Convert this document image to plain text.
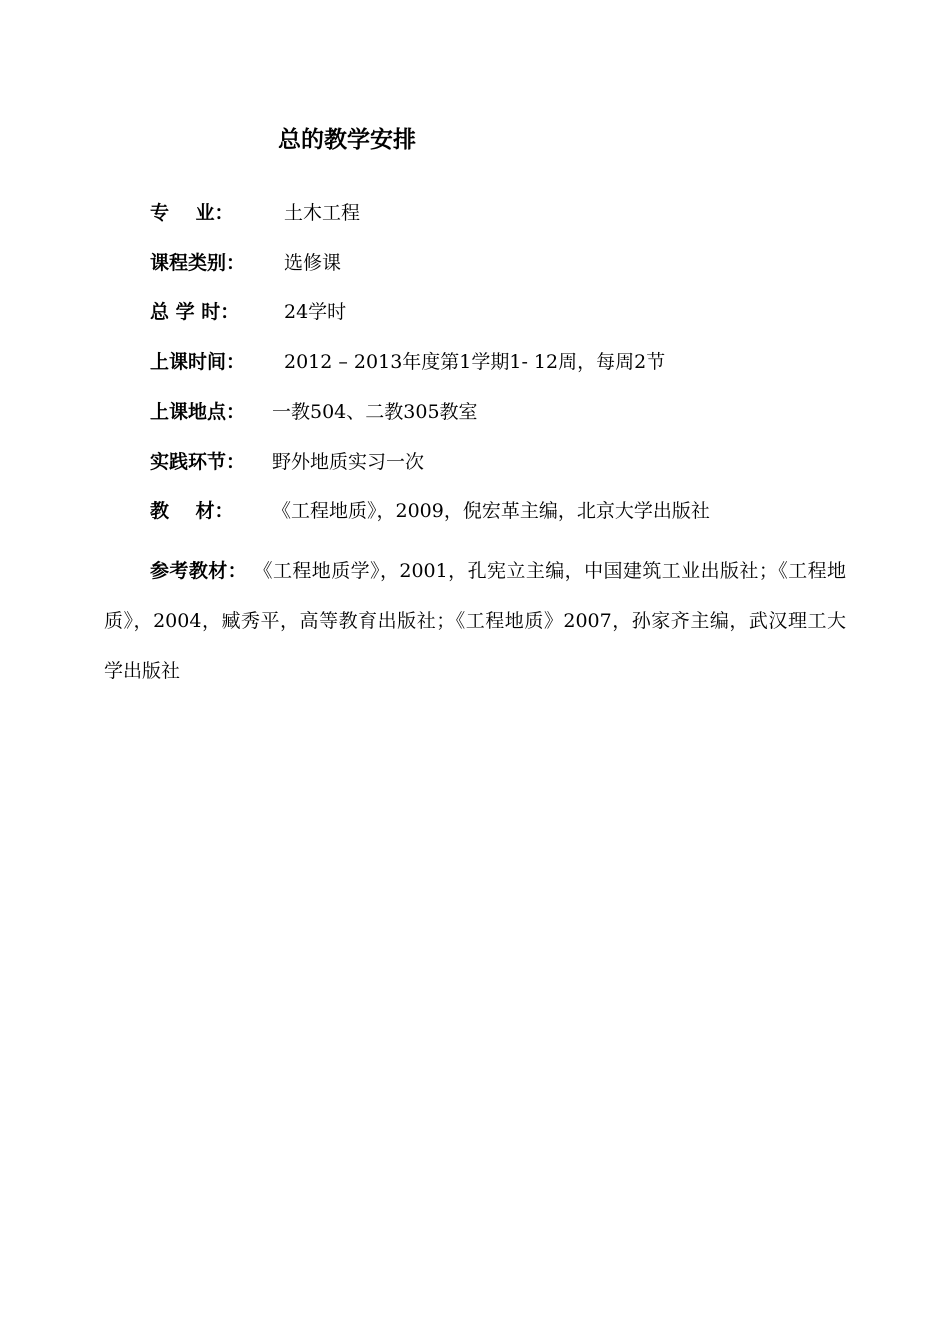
总的教学安排
专    业：	土木工程
课程类别： 选修课
总 学 时： 24学时
上课时间： 2012 – 2013年度第1学期1- 12周，每周2节
上课地点： 一教504、二教305教室
实践环节： 野外地质实习一次
教    材： 《工程地质》，2009，倪宏革主编，北京大学出版社

参考教材： 《工程地质学》，2001，孔宪立主编，中国建筑工业出版社；《工程地质》，2004，臧秀平，高等教育出版社；《工程地质》2007，孙家齐主编，武汉理工大学出版社
